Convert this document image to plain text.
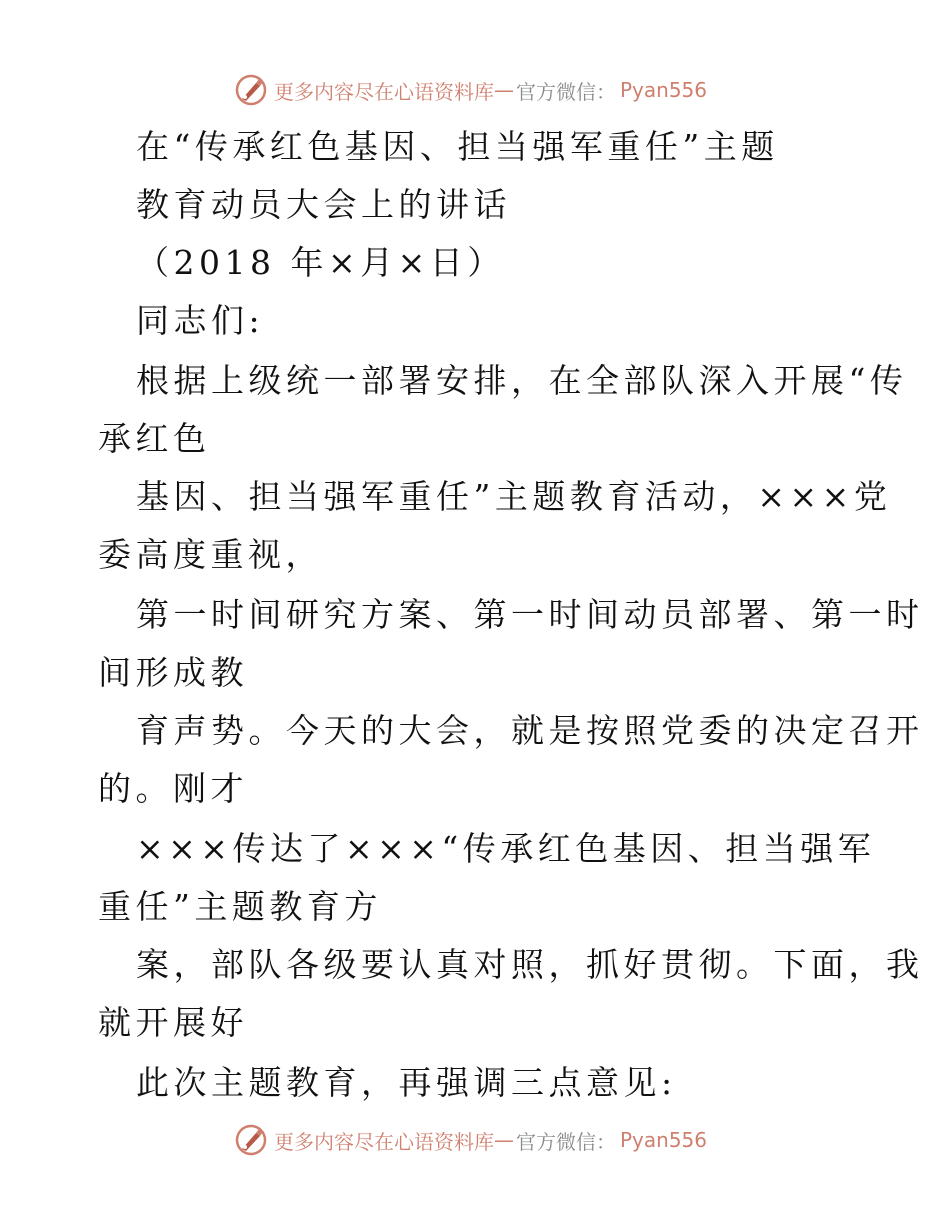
更多内容尽在心语资料库 — 官方微信： Pyan556
在“传承红色基因、担当强军重任”主题
教育动员大会上的讲话
（2018 年×月×日）
同志们:
根据上级统一部署安排，在全部队深入开展“传
承红色
基因、担当强军重任”主题教育活动，×××党
委高度重视，
第一时间研究方案、第一时间动员部署、第一时
间形成教
育声势。今天的大会，就是按照党委的决定召开
的。刚才
×××传达了×××“传承红色基因、担当强军
重任”主题教育方
案，部队各级要认真对照，抓好贯彻。下面，我
就开展好
此次主题教育，再强调三点意见:
更多内容尽在心语资料库 — 官方微信： Pyan556
